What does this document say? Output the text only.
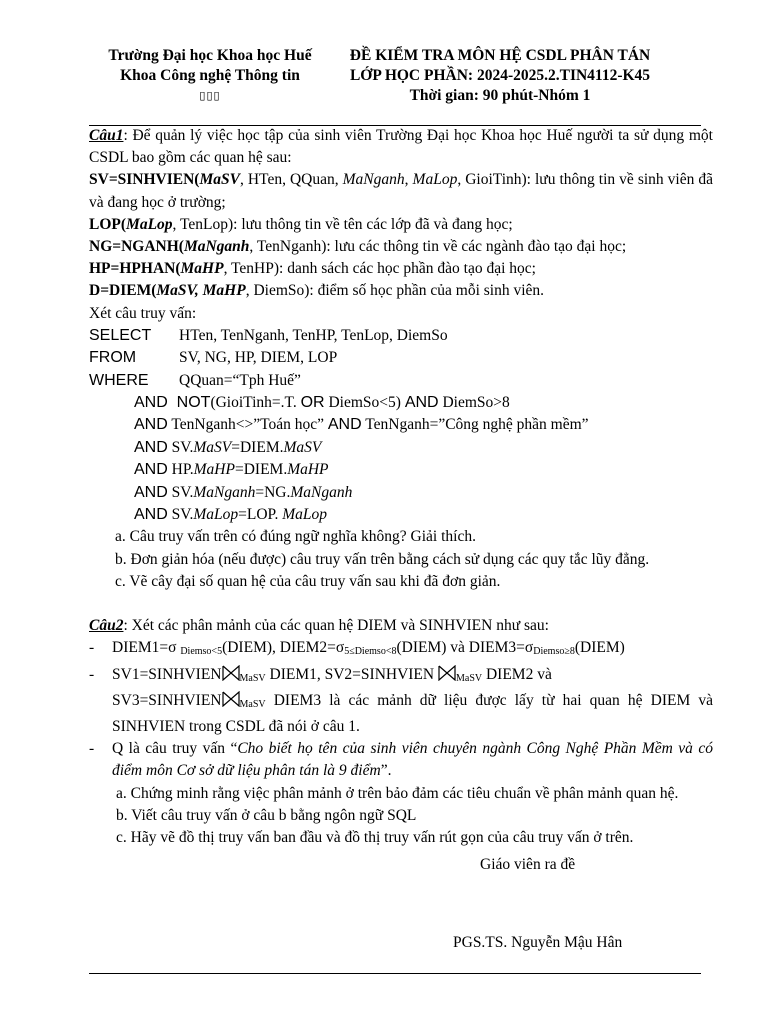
Trường Đại học Khoa học Huế
Khoa Công nghệ Thông tin
▯▯▯
ĐỀ KIỂM TRA MÔN HỆ CSDL PHÂN TÁN
LỚP HỌC PHẦN: 2024-2025.2.TIN4112-K45
Thời gian: 90 phút-Nhóm 1

Câu1: Để quản lý việc học tập của sinh viên Trường Đại học Khoa học Huế người ta sử dụng một CSDL bao gồm các quan hệ sau:

SV=SINHVIEN(MaSV, HTen, QQuan, MaNganh, MaLop, GioiTinh): lưu thông tin về sinh viên đã và đang học ở trường;

LOP(MaLop, TenLop): lưu thông tin về tên các lớp đã và đang học;

NG=NGANH(MaNganh, TenNganh): lưu các thông tin về các ngành đào tạo đại học;

HP=HPHAN(MaHP, TenHP): danh sách các học phần đào tạo đại học;

D=DIEM(MaSV, MaHP, DiemSo): điểm số học phần của mỗi sinh viên.

Xét câu truy vấn:

SELECT HTen, TenNganh, TenHP, TenLop, DiemSo
FROM	SV, NG, HP, DIEM, LOP
WHERE QQuan=“Tph Huế”
AND NOT(GioiTinh=.T. OR DiemSo<5) AND DiemSo>8
AND TenNganh<>”Toán học” AND TenNganh=”Công nghệ phần mềm”
AND SV.MaSV=DIEM.MaSV
AND HP.MaHP=DIEM.MaHP
AND SV.MaNganh=NG.MaNganh
AND SV.MaLop=LOP. MaLop
a. Câu truy vấn trên có đúng ngữ nghĩa không? Giải thích.
b. Đơn giản hóa (nếu được) câu truy vấn trên bằng cách sử dụng các quy tắc lũy đẳng.
c. Vẽ cây đại số quan hệ của câu truy vấn sau khi đã đơn giản.

Câu2: Xét các phân mảnh của các quan hệ DIEM và SINHVIEN như sau:

- DIEM1=σ $_{Diemso<5}$(DIEM), $DIEM2=\sigma_{5\le Diemso<8}(DIEM)$ và $DIEM3=\sigma_{Diemso\ge 8}(DIEM)$
- SV1=SINHVIEN $_{MaSV}$ DIEM1, SV2=SINHVIEN $_{MaSV}$ DIEM2 và
SV3=SINHVIEN $_{MaSV}$ DIEM3 là các mảnh dữ liệu được lấy từ hai quan hệ DIEM và SINHVIEN trong CSDL đã nói ở câu 1.
- Q là câu truy vấn “Cho biết họ tên của sinh viên chuyên ngành Công Nghệ Phần Mềm và có điểm môn Cơ sở dữ liệu phân tán là 9 điểm”.
a. Chứng minh rằng việc phân mảnh ở trên bảo đảm các tiêu chuẩn về phân mảnh quan hệ.
b. Viết câu truy vấn ở câu b bằng ngôn ngữ SQL
c. Hãy vẽ đồ thị truy vấn ban đầu và đồ thị truy vấn rút gọn của câu truy vấn ở trên.
Giáo viên ra đề
PGS.TS. Nguyễn Mậu Hân
